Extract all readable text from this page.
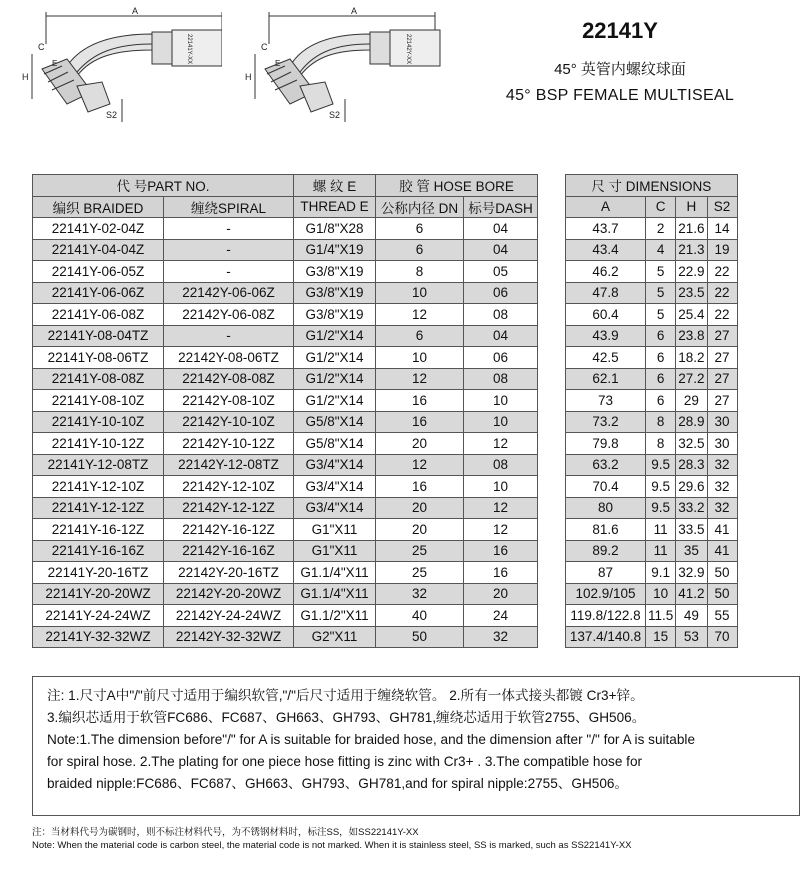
A
C
H
E
S2
22141Y-XX
A
C
H
E
S2
22142Y-XX
22141Y
45° 英管内螺纹球面
45° BSP FEMALE MULTISEAL
代 号PART NO.		螺 纹 E	胶 管 HOSE BORE			尺 寸 DIMENSIONS			
编织 BRAIDED	缠绕SPIRAL	THREAD E	公称内径 DN	标号DASH		A	C	H	S2
22141Y-02-04Z	-	G1/8"X28	6	04		43.7	2	21.6	14
22141Y-04-04Z	-	G1/4"X19	6	04		43.4	4	21.3	19
22141Y-06-05Z	-	G3/8"X19	8	05		46.2	5	22.9	22
22141Y-06-06Z	22142Y-06-06Z	G3/8"X19	10	06		47.8	5	23.5	22
22141Y-06-08Z	22142Y-06-08Z	G3/8"X19	12	08		60.4	5	25.4	22
22141Y-08-04TZ	-	G1/2"X14	6	04		43.9	6	23.8	27
22141Y-08-06TZ	22142Y-08-06TZ	G1/2"X14	10	06		42.5	6	18.2	27
22141Y-08-08Z	22142Y-08-08Z	G1/2"X14	12	08		62.1	6	27.2	27
22141Y-08-10Z	22142Y-08-10Z	G1/2"X14	16	10		73	6	29	27
22141Y-10-10Z	22142Y-10-10Z	G5/8"X14	16	10		73.2	8	28.9	30
22141Y-10-12Z	22142Y-10-12Z	G5/8"X14	20	12		79.8	8	32.5	30
22141Y-12-08TZ	22142Y-12-08TZ	G3/4"X14	12	08		63.2	9.5	28.3	32
22141Y-12-10Z	22142Y-12-10Z	G3/4"X14	16	10		70.4	9.5	29.6	32
22141Y-12-12Z	22142Y-12-12Z	G3/4"X14	20	12		80	9.5	33.2	32
22141Y-16-12Z	22142Y-16-12Z	G1"X11	20	12		81.6	11	33.5	41
22141Y-16-16Z	22142Y-16-16Z	G1"X11	25	16		89.2	11	35	41
22141Y-20-16TZ	22142Y-20-16TZ	G1.1/4"X11	25	16		87	9.1	32.9	50
22141Y-20-20WZ	22142Y-20-20WZ	G1.1/4"X11	32	20		102.9/105	10	41.2	50
22141Y-24-24WZ	22142Y-24-24WZ	G1.1/2"X11	40	24		119.8/122.8	11.5	49	55
22141Y-32-32WZ	22142Y-32-32WZ	G2"X11	50	32		137.4/140.8	15	53	70

注: 1.尺寸A中"/"前尺寸适用于编织软管,"/"后尺寸适用于缠绕软管。 2.所有一体式接头都镀 Cr3+锌。

3.编织芯适用于软管FC686、FC687、GH663、GH793、GH781,缠绕芯适用于软管2755、GH506。

Note:1.The dimension before"/" for A is suitable for braided hose, and the dimension after "/" for A is suitable

for spiral hose. 2.The plating for one piece hose fitting is zinc with Cr3+ . 3.The compatible hose for

braided nipple:FC686、FC687、GH663、GH793、GH781,and for spiral nipple:2755、GH506。

注：当材料代号为碳钢时，则不标注材料代号，为不锈钢材料时，标注SS，如SS22141Y-XX
Note: When the material code is carbon steel, the material code is not marked. When it is stainless steel, SS is marked, such as SS22141Y-XX
